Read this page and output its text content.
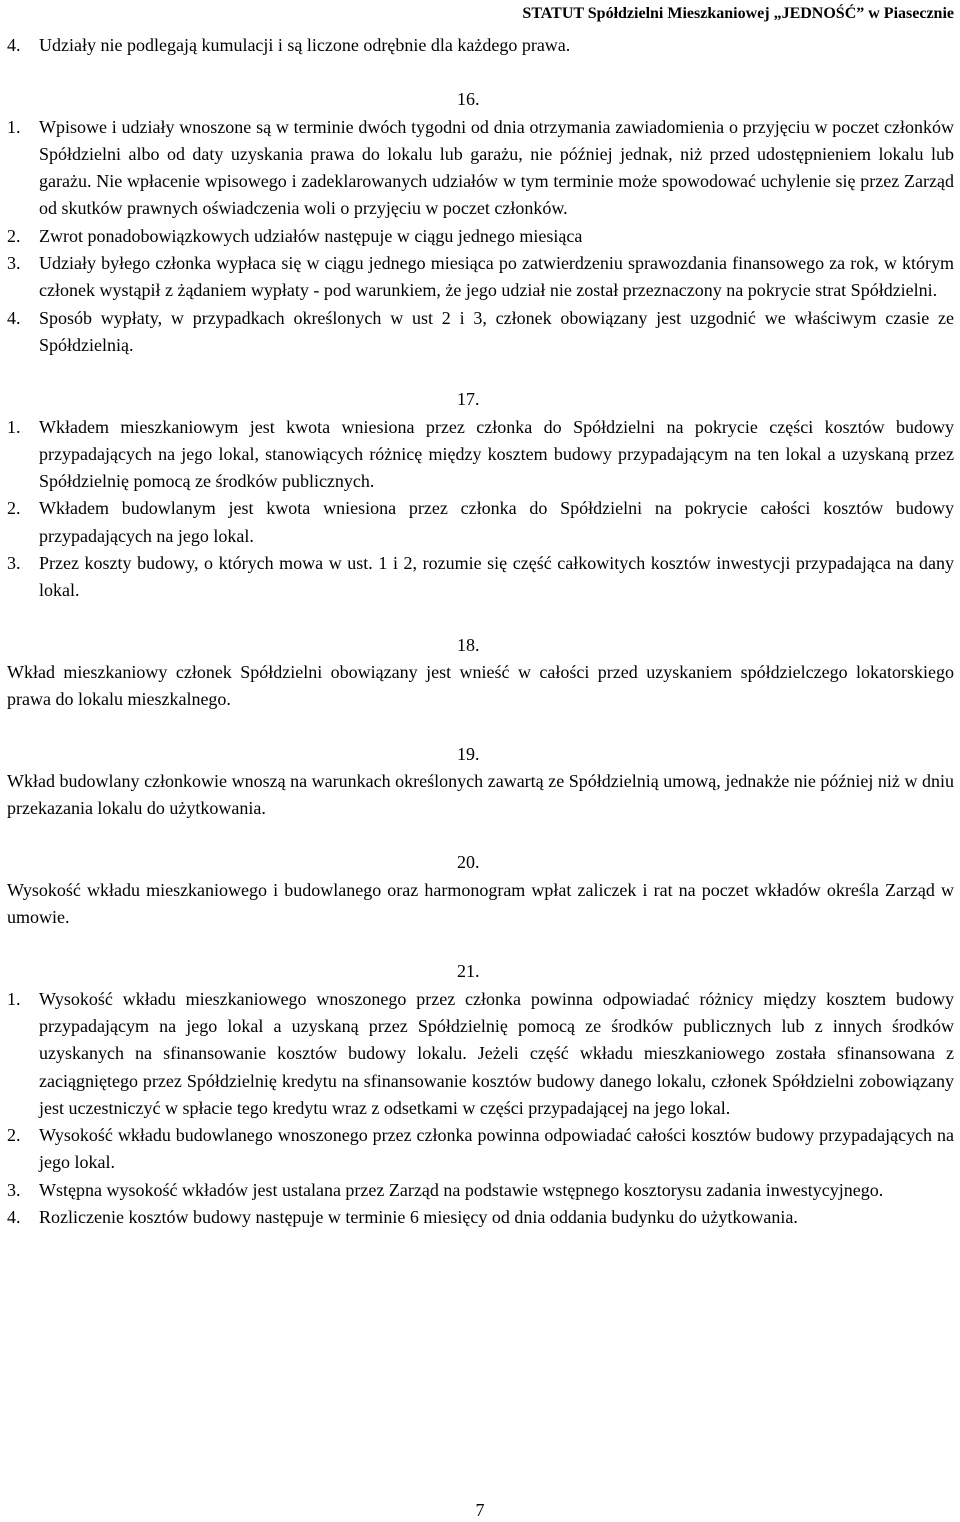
STATUT Spółdzielni Mieszkaniowej „JEDNOŚĆ” w Piasecznie
4.	Udziały nie podlegają kumulacji i są liczone odrębnie dla każdego prawa.
16.
1.	Wpisowe i udziały wnoszone są w terminie dwóch tygodni od dnia otrzymania zawiadomienia o przyjęciu w poczet członków Spółdzielni albo od daty uzyskania prawa do lokalu lub garażu, nie później jednak, niż przed udostępnieniem lokalu lub garażu. Nie wpłacenie wpisowego i zadeklarowanych udziałów w tym terminie może spowodować uchylenie się przez Zarząd od skutków prawnych oświadczenia woli o przyjęciu w poczet członków.
2.	Zwrot ponadobowiązkowych udziałów następuje w ciągu jednego miesiąca
3.	Udziały byłego członka wypłaca się w ciągu jednego miesiąca po zatwierdzeniu sprawozdania finansowego za rok, w którym członek wystąpił z żądaniem wypłaty - pod warunkiem, że jego udział nie został przeznaczony na pokrycie strat Spółdzielni.
4.	Sposób wypłaty, w przypadkach określonych w ust 2 i 3, członek obowiązany jest uzgodnić we właściwym czasie ze Spółdzielnią.
17.
1.	Wkładem mieszkaniowym jest kwota wniesiona przez członka do Spółdzielni na pokrycie części kosztów budowy przypadających na jego lokal, stanowiących różnicę między kosztem budowy przypadającym na ten lokal a uzyskaną przez Spółdzielnię pomocą ze środków publicznych.
2.	Wkładem budowlanym jest kwota wniesiona przez członka do Spółdzielni na pokrycie całości kosztów budowy przypadających na jego lokal.
3.	Przez koszty budowy, o których mowa w ust. 1 i 2, rozumie się część całkowitych kosztów inwestycji przypadająca na dany lokal.
18.
Wkład mieszkaniowy członek Spółdzielni obowiązany jest wnieść w całości przed uzyskaniem spółdzielczego lokatorskiego prawa do lokalu mieszkalnego.
19.
Wkład budowlany członkowie wnoszą na warunkach określonych zawartą ze Spółdzielnią umową, jednakże nie później niż w dniu przekazania lokalu do użytkowania.
20.
Wysokość wkładu mieszkaniowego i budowlanego oraz harmonogram wpłat zaliczek i rat na poczet wkładów określa Zarząd w umowie.
21.
1.	Wysokość wkładu mieszkaniowego wnoszonego przez członka powinna odpowiadać różnicy między kosztem budowy przypadającym na jego lokal a uzyskaną przez Spółdzielnię pomocą ze środków publicznych lub z innych środków uzyskanych na sfinansowanie kosztów budowy lokalu. Jeżeli część wkładu mieszkaniowego została sfinansowana z zaciągniętego przez Spółdzielnię kredytu na sfinansowanie kosztów budowy danego lokalu, członek Spółdzielni zobowiązany jest uczestniczyć w spłacie tego kredytu wraz z odsetkami w części przypadającej na jego lokal.
2.	Wysokość wkładu budowlanego wnoszonego przez członka powinna odpowiadać całości kosztów budowy przypadających na jego lokal.
3.	Wstępna wysokość wkładów jest ustalana przez Zarząd na podstawie wstępnego kosztorysu zadania inwestycyjnego.
4.	Rozliczenie kosztów budowy następuje w terminie 6 miesięcy od dnia oddania budynku do użytkowania.
7
